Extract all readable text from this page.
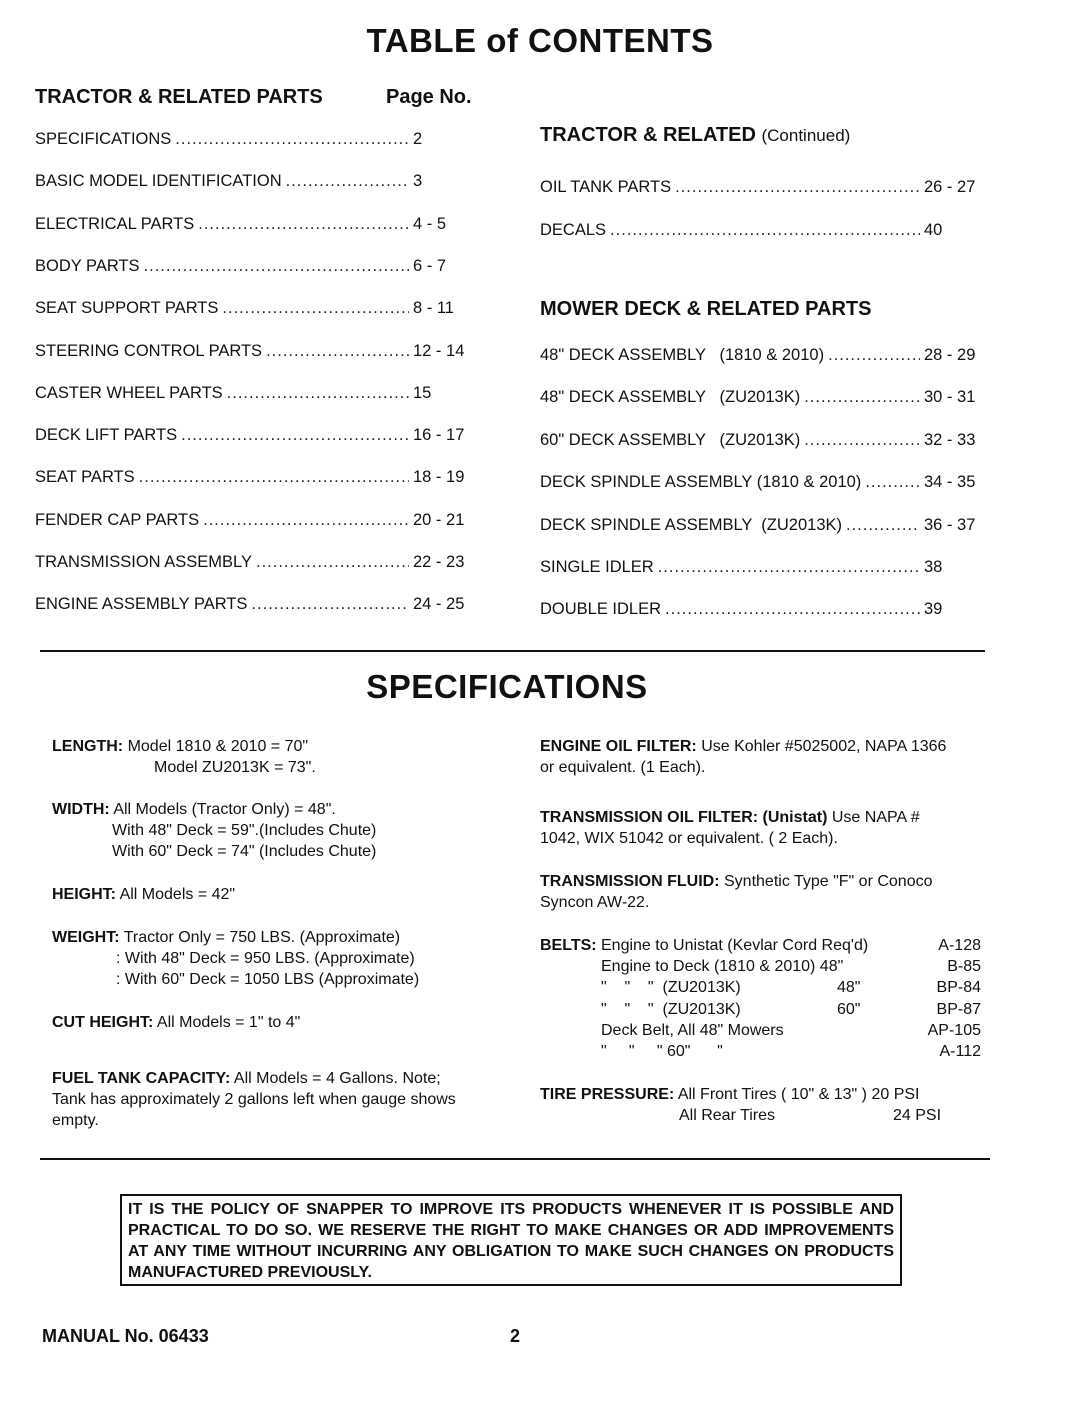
TABLE of CONTENTS
TRACTOR & RELATED PARTS	Page No.
SPECIFICATIONS .....	2
BASIC MODEL IDENTIFICATION .....	3
ELECTRICAL PARTS .....	4 - 5
BODY PARTS .....	6 - 7
SEAT SUPPORT PARTS .....	8 - 11
STEERING CONTROL PARTS .....	12 - 14
CASTER WHEEL PARTS .....	15
DECK LIFT PARTS .....	16 - 17
SEAT PARTS .....	18 - 19
FENDER CAP PARTS .....	20 - 21
TRANSMISSION ASSEMBLY .....	22 - 23
ENGINE ASSEMBLY PARTS .....	24 - 25
TRACTOR & RELATED (Continued)
OIL TANK PARTS .....	26 - 27
DECALS .....	40
MOWER DECK & RELATED PARTS
48" DECK ASSEMBLY   (1810 & 2010) .....	28 - 29
48" DECK ASSEMBLY   (ZU2013K) .....	30 - 31
60" DECK ASSEMBLY   (ZU2013K) .....	32 - 33
DECK SPINDLE ASSEMBLY (1810 & 2010) .....	34 - 35
DECK SPINDLE ASSEMBLY  (ZU2013K) .....	36 - 37
SINGLE IDLER .....	38
DOUBLE IDLER .....	39
SPECIFICATIONS
LENGTH: Model 1810 & 2010 = 70"
Model ZU2013K = 73".
WIDTH: All Models (Tractor Only) = 48".
With 48" Deck = 59".(Includes Chute)
With 60" Deck = 74" (Includes Chute)
HEIGHT: All Models = 42"
WEIGHT: Tractor Only = 750 LBS. (Approximate)
: With 48" Deck = 950 LBS. (Approximate)
: With 60" Deck = 1050 LBS (Approximate)
CUT HEIGHT: All Models = 1" to 4"
FUEL TANK CAPACITY: All Models = 4 Gallons. Note;
Tank has approximately 2 gallons left when gauge shows
empty.
ENGINE OIL FILTER: Use Kohler #5025002, NAPA 1366
or equivalent. (1 Each).
TRANSMISSION OIL FILTER: (Unistat) Use NAPA #
1042, WIX 51042 or equivalent. ( 2 Each).
TRANSMISSION FLUID: Synthetic Type "F" or Conoco
Syncon AW-22.
BELTS: Engine to Unistat (Kevlar Cord Req'd)	A-128
Engine to Deck (1810 & 2010) 48"	B-85
"    "    "  (ZU2013K)	48"	BP-84
"    "    "  (ZU2013K)	60"	BP-87
Deck Belt, All 48" Mowers	AP-105
"     "     " 60"      "	A-112
TIRE PRESSURE: All Front Tires ( 10" & 13" ) 20 PSI
All Rear Tires	24 PSI
IT IS THE POLICY OF SNAPPER TO IMPROVE ITS PRODUCTS WHENEVER IT IS POSSIBLE AND PRACTICAL TO DO SO. WE RESERVE THE RIGHT TO MAKE CHANGES OR ADD IMPROVEMENTS AT ANY TIME WITHOUT INCURRING ANY OBLIGATION TO MAKE SUCH CHANGES ON PRODUCTS MANUFACTURED PREVIOUSLY.
MANUAL No. 06433	2
